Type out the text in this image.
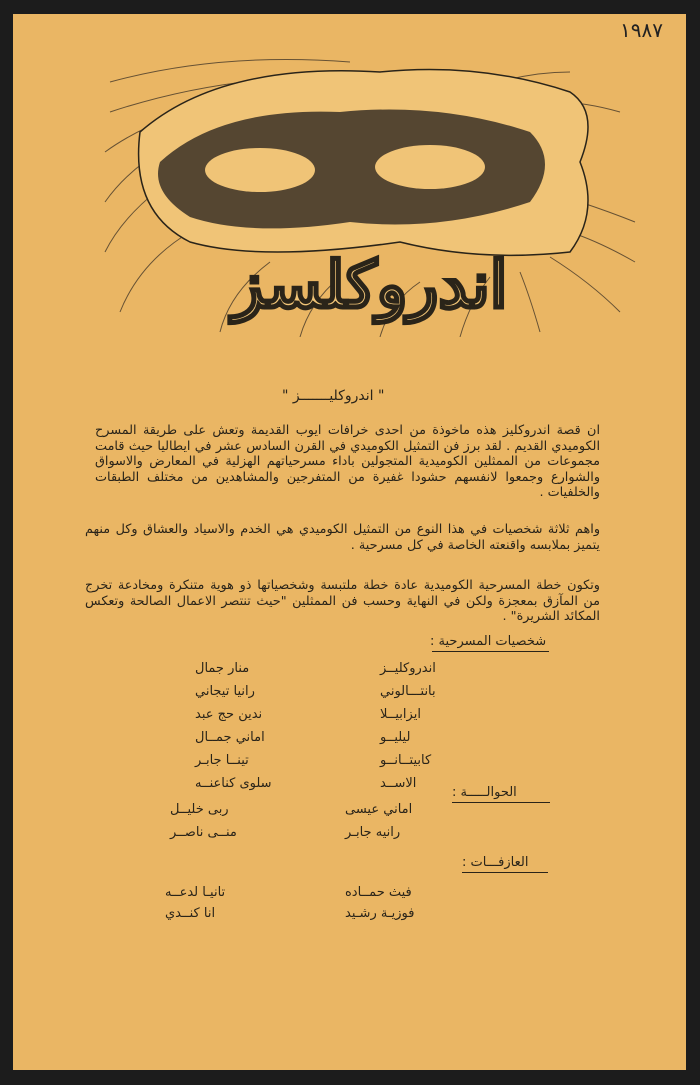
١٩٨٧
اندروكلسز
" اندروكليـــــــز "
ان قصة اندروكليز هذه ماخوذة من احدى خرافات ايوب القديمة وتعش على طريقة المسرح الكوميدي القديم . لقد برز فن التمثيل الكوميدي في القرن السادس عشر في ايطاليا حيث قامت مجموعات من الممثلين الكوميدية المتجولين باداء مسرحياتهم الهزلية في المعارض والاسواق والشوارع وجمعوا لانفسهم حشودا غفيرة من المتفرجين والمشاهدين من مختلف الطبقات والخلفيات .
واهم ثلاثة شخصيات في هذا النوع من التمثيل الكوميدي هي الخدم والاسياد والعشاق وكل منهم يتميز بملابسه واقنعته الخاصة في كل مسرحية .
وتكون خطة المسرحية الكوميدية عادة خطة ملتبسة وشخصياتها ذو هوية متنكرة ومخادعة تخرج من المآزق بمعجزة ولكن في النهاية وحسب فن الممثلين "حيث تنتصر الاعمال الصالحة وتعكس المكائد الشريرة" .
شخصيات المسرحية :
اندروكليــز
منار جمال
بانتـــالوني
رانيا تيجاني
ايزابيــلا
ندين حج عبد
ليليــو
اماني جمــال
كابيتــانــو
تينــا جابـر
الاســد
سلوى كناعنــه
الحوالـــــة :
اماني عيسى
ربى خليــل
رانيه جابـر
منــى ناصــر
العازفـــات :
فيث حمــاده
تانيـا لدعــه
فوزيـة رشـيد
انا كنــدي
